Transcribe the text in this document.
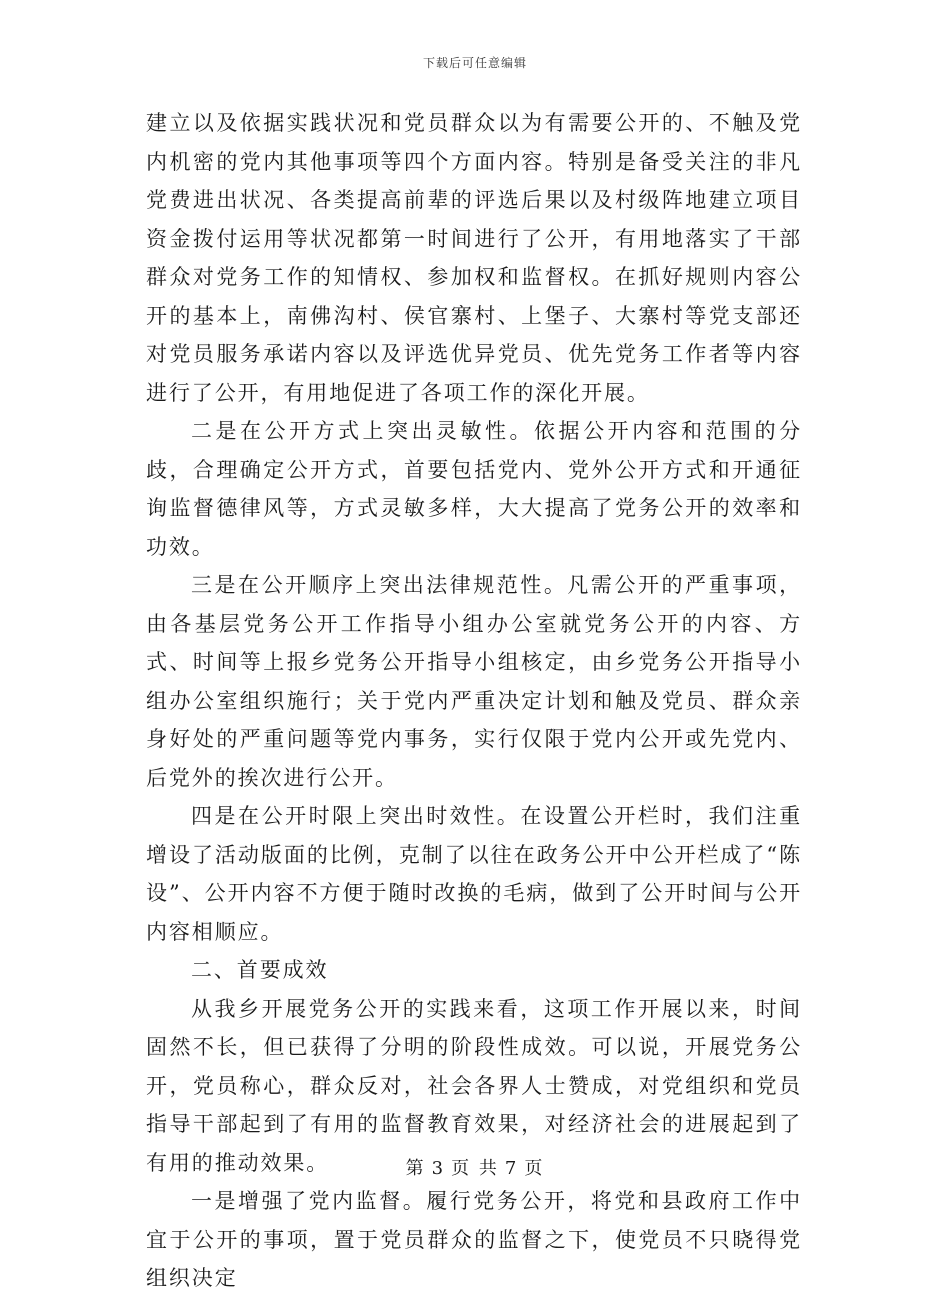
下载后可任意编辑

建立以及依据实践状况和党员群众以为有需要公开的、不触及党内机密的党内其他事项等四个方面内容。特别是备受关注的非凡党费进出状况、各类提高前辈的评选后果以及村级阵地建立项目资金拨付运用等状况都第一时间进行了公开，有用地落实了干部群众对党务工作的知情权、参加权和监督权。在抓好规则内容公开的基本上，南佛沟村、侯官寨村、上堡子、大寨村等党支部还对党员服务承诺内容以及评选优异党员、优先党务工作者等内容进行了公开，有用地促进了各项工作的深化开展。

二是在公开方式上突出灵敏性。依据公开内容和范围的分歧，合理确定公开方式，首要包括党内、党外公开方式和开通征询监督德律风等，方式灵敏多样，大大提高了党务公开的效率和功效。

三是在公开顺序上突出法律规范性。凡需公开的严重事项，由各基层党务公开工作指导小组办公室就党务公开的内容、方式、时间等上报乡党务公开指导小组核定，由乡党务公开指导小组办公室组织施行；关于党内严重决定计划和触及党员、群众亲身好处的严重问题等党内事务，实行仅限于党内公开或先党内、后党外的挨次进行公开。

四是在公开时限上突出时效性。在设置公开栏时，我们注重增设了活动版面的比例，克制了以往在政务公开中公开栏成了“陈设”、公开内容不方便于随时改换的毛病，做到了公开时间与公开内容相顺应。

二、首要成效

从我乡开展党务公开的实践来看，这项工作开展以来，时间固然不长，但已获得了分明的阶段性成效。可以说，开展党务公开，党员称心，群众反对，社会各界人士赞成，对党组织和党员指导干部起到了有用的监督教育效果，对经济社会的进展起到了有用的推动效果。

一是增强了党内监督。履行党务公开，将党和县政府工作中宜于公开的事项，置于党员群众的监督之下，使党员不只晓得党组织决定

第 3 页 共 7 页
